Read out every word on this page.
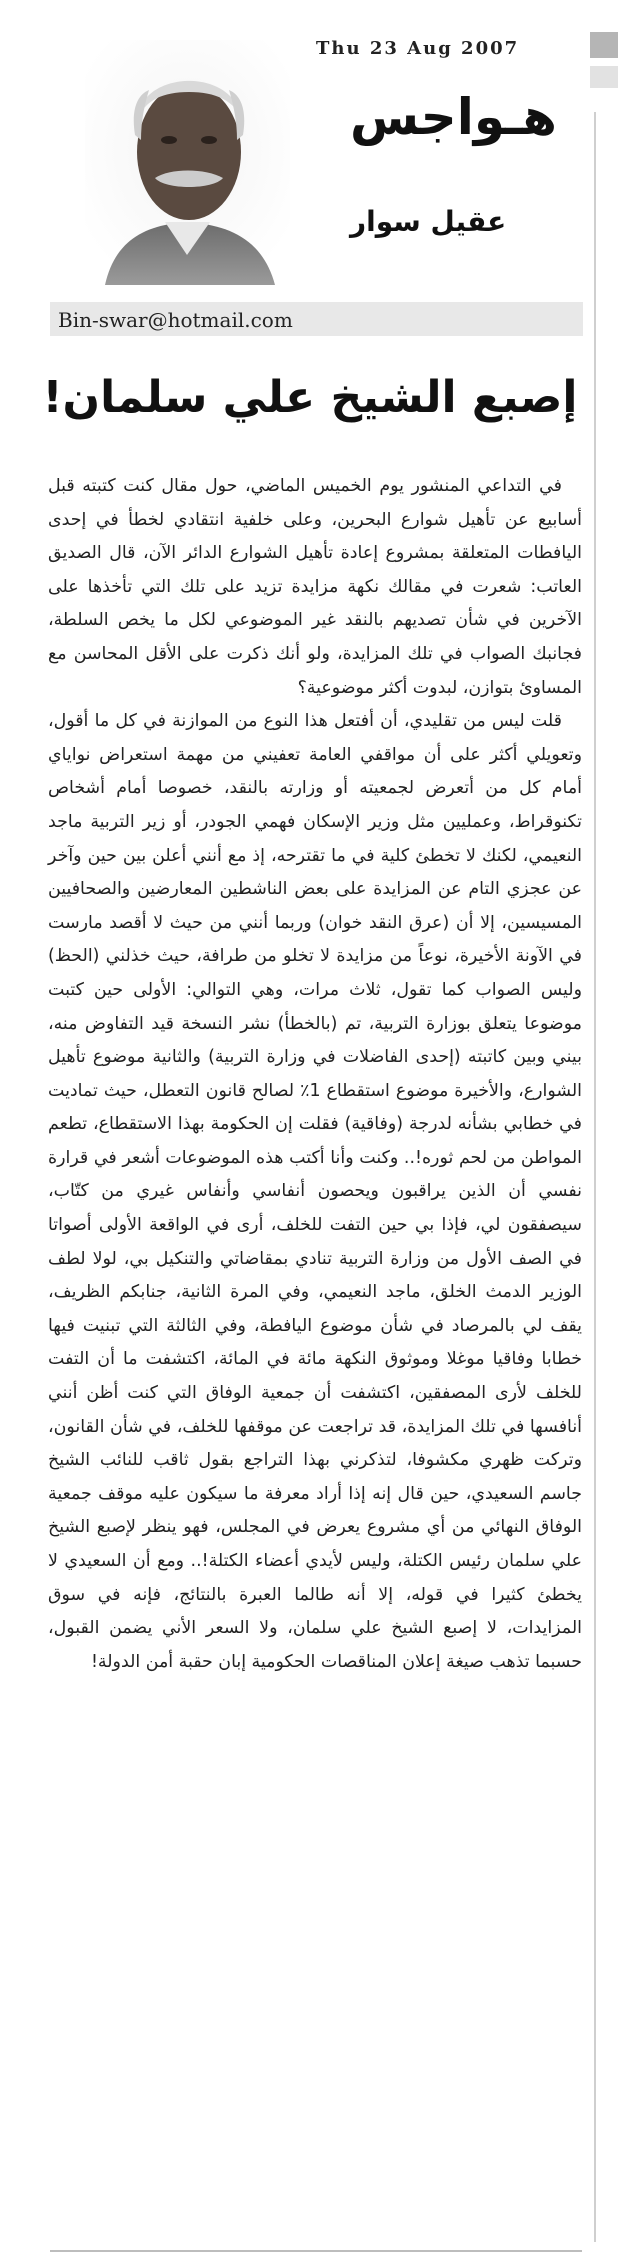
Thu 23 Aug 2007
هـواجس
عقيل سوار
Bin-swar@hotmail.com
إصبع الشيخ علي سلمان!

في التداعي المنشور يوم الخميس الماضي، حول مقال كنت كتبته قبل أسابيع عن تأهيل شوارع البحرين، وعلى خلفية انتقادي لخطأ في إحدى اليافطات المتعلقة بمشروع إعادة تأهيل الشوارع الدائر الآن، قال الصديق العاتب: شعرت في مقالك نكهة مزايدة تزيد على تلك التي تأخذها على الآخرين في شأن تصديهم بالنقد غير الموضوعي لكل ما يخص السلطة، فجانبك الصواب في تلك المزايدة، ولو أنك ذكرت على الأقل المحاسن مع المساوئ بتوازن، لبدوت أكثر موضوعية؟

قلت ليس من تقليدي، أن أفتعل هذا النوع من الموازنة في كل ما أقول، وتعويلي أكثر على أن مواقفي العامة تعفيني من مهمة استعراض نواياي أمام كل من أتعرض لجمعيته أو وزارته بالنقد، خصوصا أمام أشخاص تكنوقراط، وعمليين مثل وزير الإسكان فهمي الجودر، أو زير التربية ماجد النعيمي، لكنك لا تخطئ كلية في ما تقترحه، إذ مع أنني أعلن بين حين وآخر عن عجزي التام عن المزايدة على بعض الناشطين المعارضين والصحافيين المسيسين، إلا أن (عرق النقد خوان) وربما أنني من حيث لا أقصد مارست في الآونة الأخيرة، نوعاً من مزايدة لا تخلو من طرافة، حيث خذلني (الحظ) وليس الصواب كما تقول، ثلاث مرات، وهي التوالي: الأولى حين كتبت موضوعا يتعلق بوزارة التربية، تم (بالخطأ) نشر النسخة قيد التفاوض منه، بيني وبين كاتبته (إحدى الفاضلات في وزارة التربية) والثانية موضوع تأهيل الشوارع، والأخيرة موضوع استقطاع 1٪ لصالح قانون التعطل، حيث تماديت في خطابي بشأنه لدرجة (وفاقية) فقلت إن الحكومة بهذا الاستقطاع، تطعم المواطن من لحم ثوره!.. وكنت وأنا أكتب هذه الموضوعات أشعر في قرارة نفسي أن الذين يراقبون ويحصون أنفاسي وأنفاس غيري من كتّاب، سيصفقون لي، فإذا بي حين التفت للخلف، أرى في الواقعة الأولى أصواتا في الصف الأول من وزارة التربية تنادي بمقاضاتي والتنكيل بي، لولا لطف الوزير الدمث الخلق، ماجد النعيمي، وفي المرة الثانية، جنابكم الظريف، يقف لي بالمرصاد في شأن موضوع اليافطة، وفي الثالثة التي تبنيت فيها خطابا وفاقيا موغلا وموثوق النكهة مائة في المائة، اكتشفت ما أن التفت للخلف لأرى المصفقين، اكتشفت أن جمعية الوفاق التي كنت أظن أنني أنافسها في تلك المزايدة، قد تراجعت عن موقفها للخلف، في شأن القانون، وتركت ظهري مكشوفا، لتذكرني بهذا التراجع بقول ثاقب للنائب الشيخ جاسم السعيدي، حين قال إنه إذا أراد معرفة ما سيكون عليه موقف جمعية الوفاق النهائي من أي مشروع يعرض في المجلس، فهو ينظر لإصبع الشيخ علي سلمان رئيس الكتلة، وليس لأيدي أعضاء الكتلة!.. ومع أن السعيدي لا يخطئ كثيرا في قوله، إلا أنه طالما العبرة بالنتائج، فإنه في سوق المزايدات، لا إصبع الشيخ علي سلمان، ولا السعر الأني يضمن القبول، حسبما تذهب صيغة إعلان المناقصات الحكومية إبان حقبة أمن الدولة!
